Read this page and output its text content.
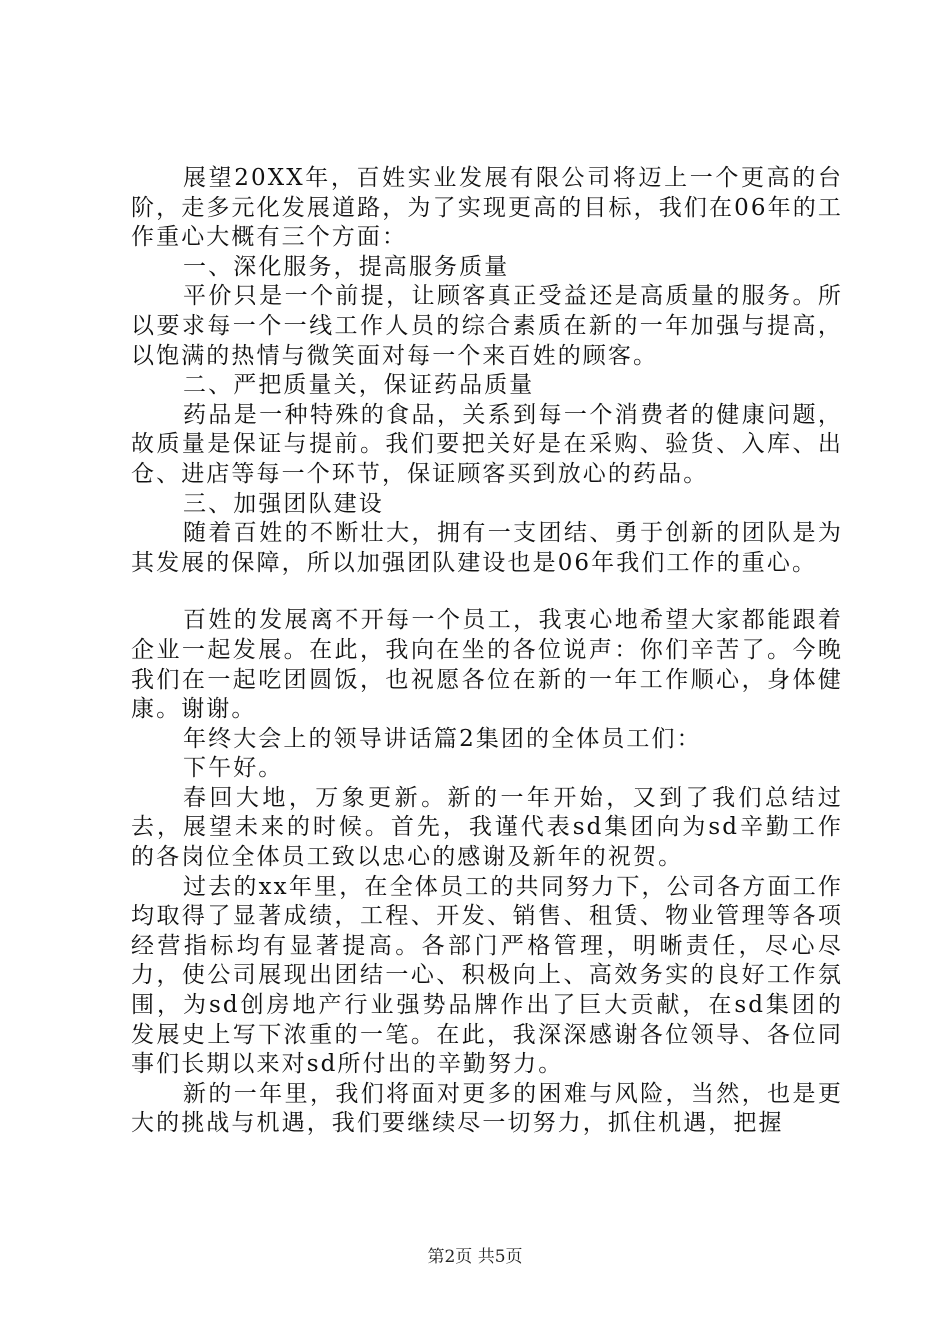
展望20XX年，百姓实业发展有限公司将迈上一个更高的台阶，走多元化发展道路，为了实现更高的目标，我们在06年的工作重心大概有三个方面：

一、深化服务，提高服务质量

平价只是一个前提，让顾客真正受益还是高质量的服务。所以要求每一个一线工作人员的综合素质在新的一年加强与提高，以饱满的热情与微笑面对每一个来百姓的顾客。

二、严把质量关，保证药品质量

药品是一种特殊的食品，关系到每一个消费者的健康问题，故质量是保证与提前。我们要把关好是在采购、验货、入库、出仓、进店等每一个环节，保证顾客买到放心的药品。

三、加强团队建设

随着百姓的不断壮大，拥有一支团结、勇于创新的团队是为其发展的保障，所以加强团队建设也是06年我们工作的重心。

百姓的发展离不开每一个员工，我衷心地希望大家都能跟着企业一起发展。在此，我向在坐的各位说声：你们辛苦了。今晚我们在一起吃团圆饭，也祝愿各位在新的一年工作顺心，身体健康。谢谢。

年终大会上的领导讲话篇2集团的全体员工们：

下午好。

春回大地，万象更新。新的一年开始，又到了我们总结过去，展望未来的时候。首先，我谨代表sd集团向为sd辛勤工作的各岗位全体员工致以忠心的感谢及新年的祝贺。

过去的xx年里，在全体员工的共同努力下，公司各方面工作均取得了显著成绩，工程、开发、销售、租赁、物业管理等各项经营指标均有显著提高。各部门严格管理，明晰责任，尽心尽力，使公司展现出团结一心、积极向上、高效务实的良好工作氛围，为sd创房地产行业强势品牌作出了巨大贡献，在sd集团的发展史上写下浓重的一笔。在此，我深深感谢各位领导、各位同事们长期以来对sd所付出的辛勤努力。

新的一年里，我们将面对更多的困难与风险，当然，也是更大的挑战与机遇，我们要继续尽一切努力，抓住机遇，把握

第2页 共5页
